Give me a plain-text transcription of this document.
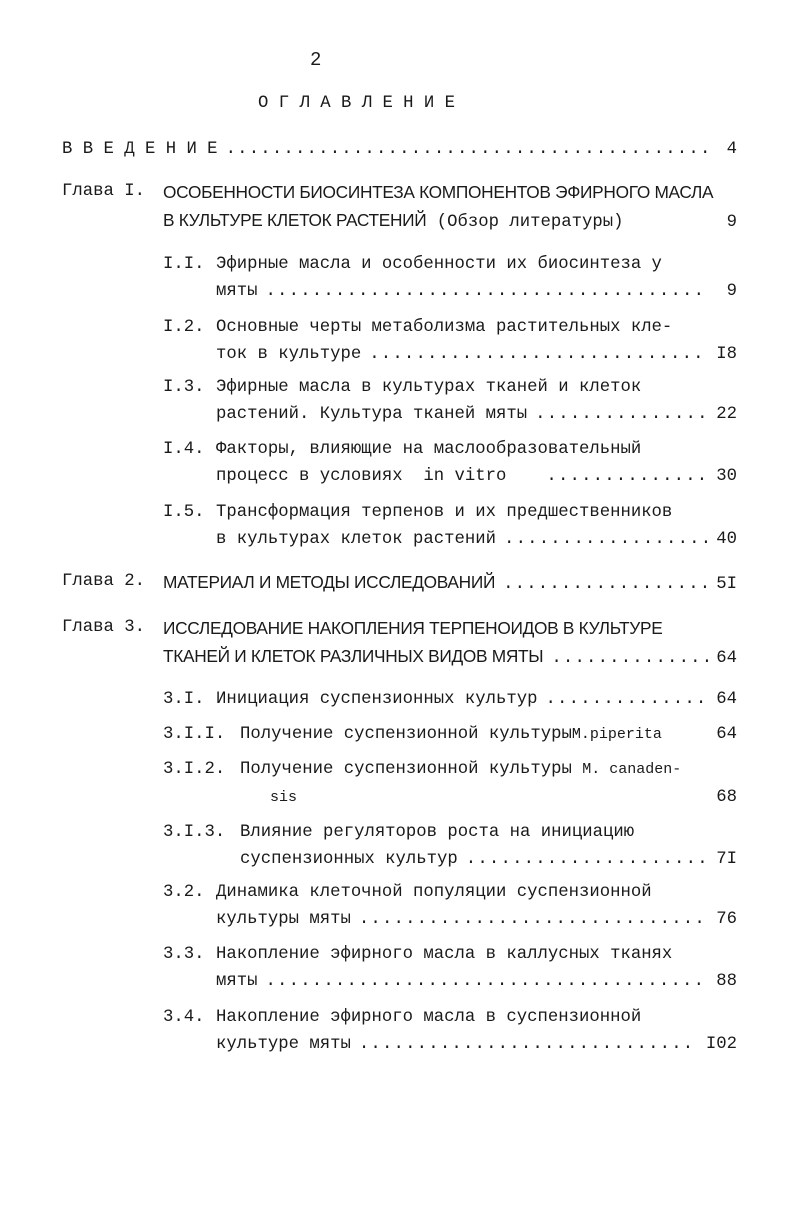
2
О Г Л А В Л Е Н И Е
В В Е Д Е Н И Е .....	4
Глава I. ОСОБЕННОСТИ БИОСИНТЕЗА КОМПОНЕНТОВ ЭФИРНОГО МАСЛА
В КУЛЬТУРЕ КЛЕТОК РАСТЕНИЙ
(Обзор литературы)	9
I.I. Эфирные масла и особенности их биосинтеза у
мяты .....	9
I.2. Основные черты метаболизма растительных кле-
ток в культуре .....	I8
I.3. Эфирные масла в культурах тканей и клеток
растений. Культура тканей мяты .....	22
I.4. Факторы, влияющие на маслообразовательный
процесс в условиях  in vitro .....	30
I.5. Трансформация терпенов и их предшественников
в культурах клеток растений .....	40
Глава 2. МАТЕРИАЛ И МЕТОДЫ ИССЛЕДОВАНИЙ .....	5I
Глава 3. ИССЛЕДОВАНИЕ НАКОПЛЕНИЯ ТЕРПЕНОИДОВ В КУЛЬТУРЕ
ТКАНЕЙ И КЛЕТОК РАЗЛИЧНЫХ ВИДОВ МЯТЫ .....	64
3.I. Инициация суспензионных культур .....	64
3.I.I. Получение суспензионной культуры M.piperita	64
3.I.2. Получение суспензионной культуры M. canaden-
sis	68
3.I.3. Влияние регуляторов роста на инициацию
суспензионных культур .....	7I
3.2. Динамика клеточной популяции суспензионной
культуры мяты .....	76
3.3. Накопление эфирного масла в каллусных тканях
мяты .....	88
3.4. Накопление эфирного масла в суспензионной
культуре мяты .....	I02
